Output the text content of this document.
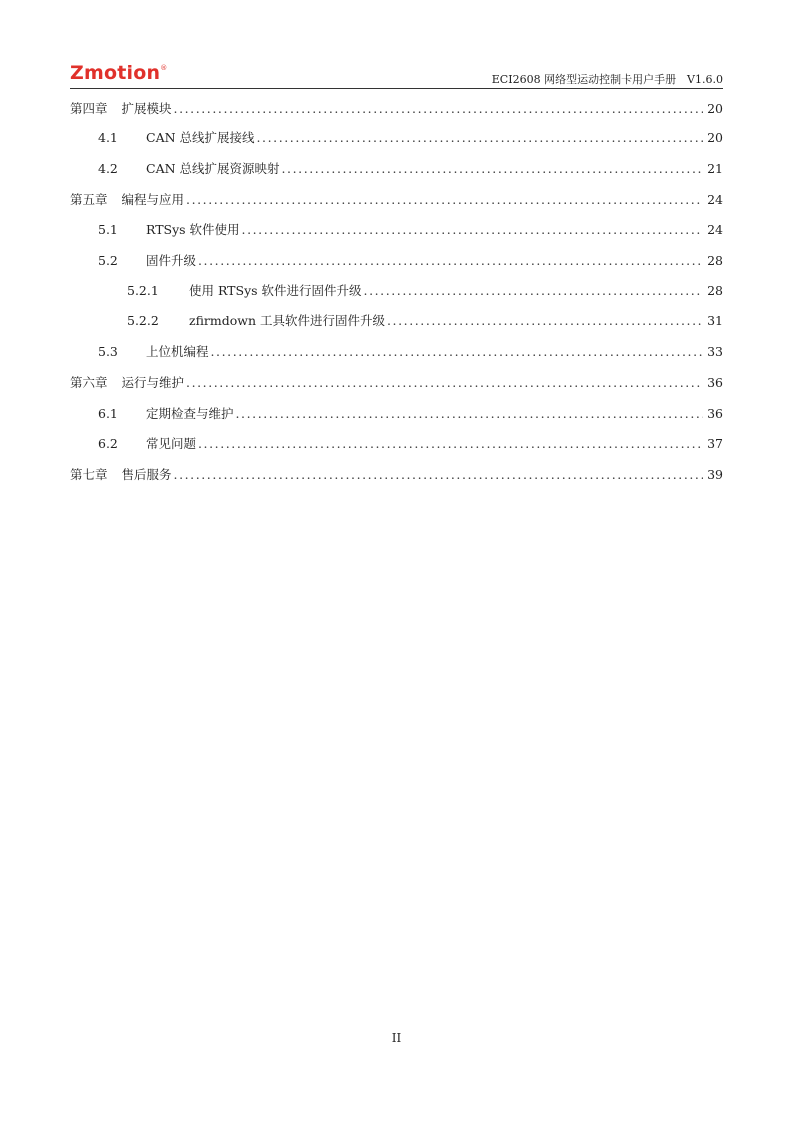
Zmotion®
ECI2608 网络型运动控制卡用户手册　V1.6.0
第四章	扩展模块 . . .	20
4.1	CAN 总线扩展接线 . . .	20
4.2	CAN 总线扩展资源映射 . . .	21
第五章	编程与应用 . . .	24
5.1	RTSys 软件使用 . . .	24
5.2	固件升级 . . .	28
5.2.1	使用 RTSys 软件进行固件升级 . . .	28
5.2.2	zfirmdown 工具软件进行固件升级 . . .	31
5.3	上位机编程 . . .	33
第六章	运行与维护 . . .	36
6.1	定期检查与维护 . . .	36
6.2	常见问题 . . .	37
第七章	售后服务 . . .	39
II
